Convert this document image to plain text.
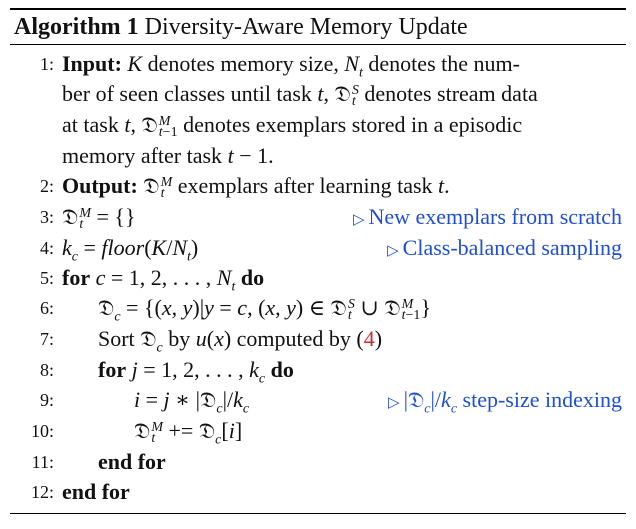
Algorithm 1 Diversity-Aware Memory Update
1: Input: K denotes memory size, $N_t$ denotes the num-
ber of seen classes until task t, 𝔇 S
t denotes stream data
at task t, 𝔇 M
t−1 denotes exemplars stored in a episodic
memory after task t − 1.
2: Output: 𝔇 M
t exemplars after learning task t.
3: 𝔇 M
t = {}	▷ New exemplars from scratch
4: $k_c$ = $floor(K/N_t)$	▷ Class-balanced sampling
5: for c = 1, 2, . . . , $N_t$ do
6: 𝔇$_c$ = {(x, y)|y = c, (x, y) ∈ 𝔇 S
t ∪ 𝔇 M
t−1 }
7: Sort 𝔇$_c$ by u(x) computed by (4)
8: for j = 1, 2, . . . , $k_c$ do
9:	i = j ∗ $|𝔇_c|/k_c$	▷ $|𝔇_c|/k_c$ step-size indexing
10:	𝔇 M
t += 𝔇$_c$[i]
11: end for
12: end for
